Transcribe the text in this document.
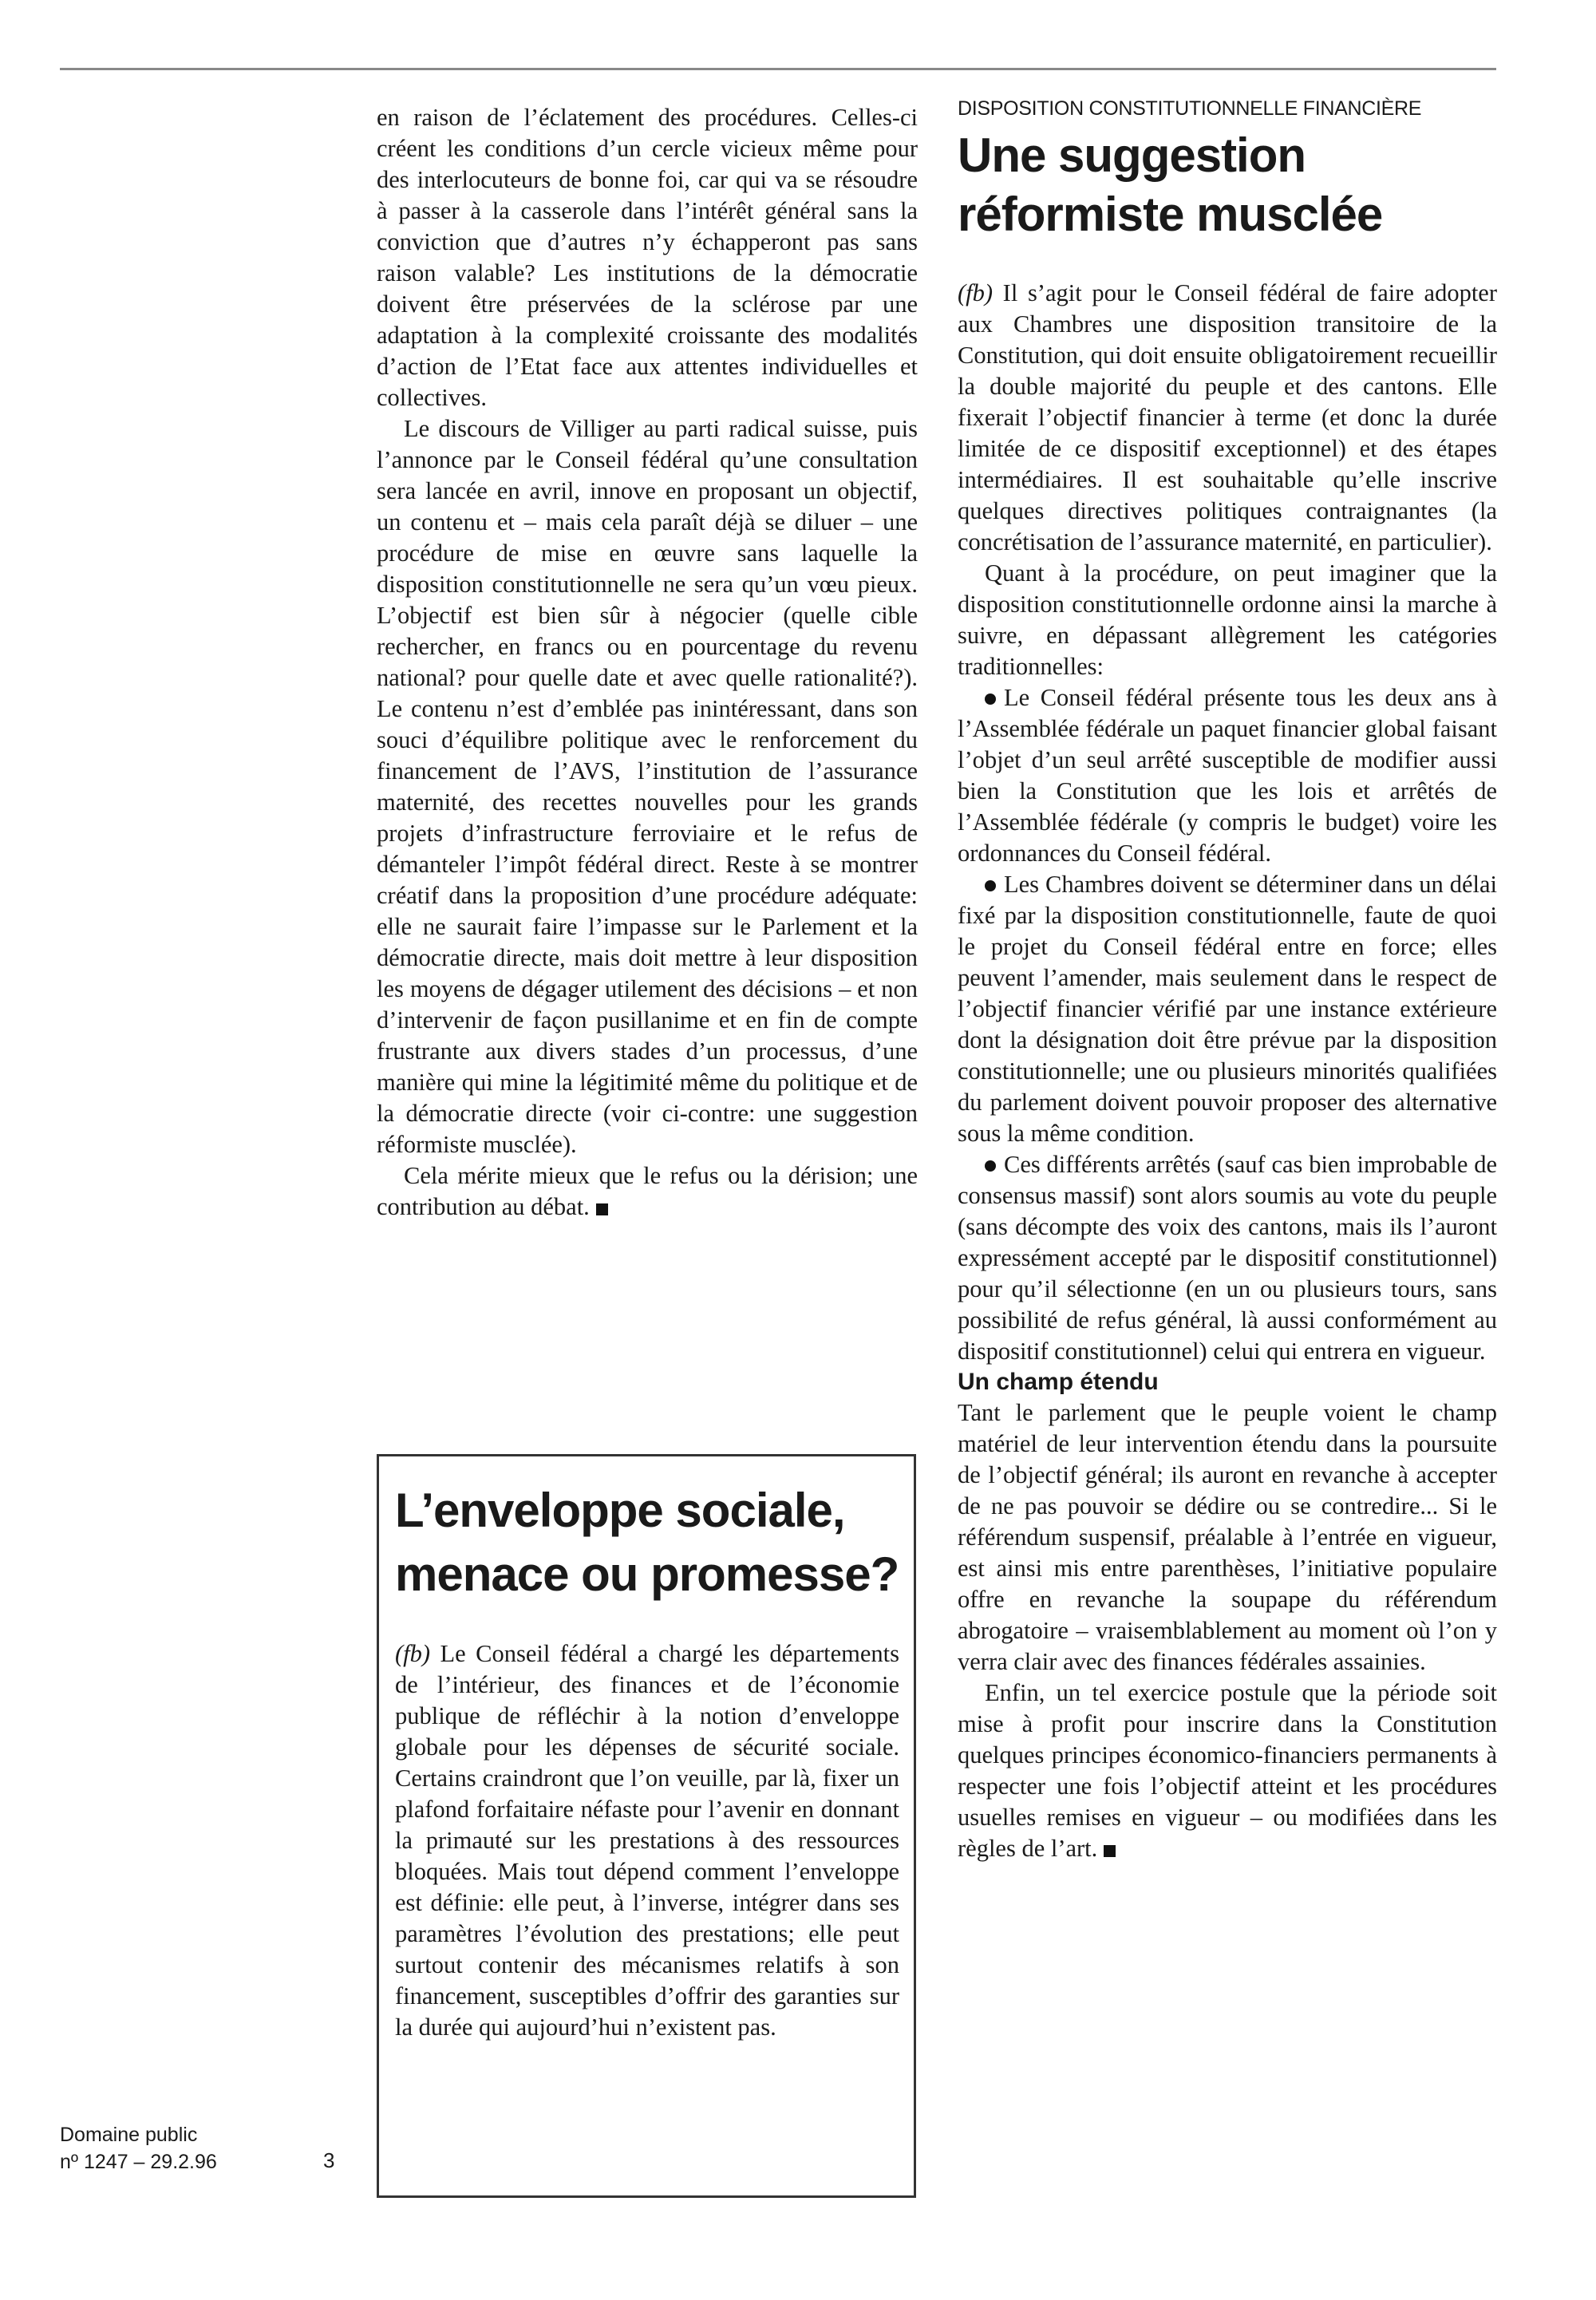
en raison de l’éclatement des procédures. Celles-ci créent les conditions d’un cercle vicieux même pour des interlocuteurs de bonne foi, car qui va se résoudre à passer à la casserole dans l’intérêt général sans la conviction que d’autres n’y échapperont pas sans raison valable? Les institutions de la démocratie doivent être préservées de la sclérose par une adaptation à la complexité croissante des modalités d’action de l’Etat face aux attentes individuelles et collectives.

Le discours de Villiger au parti radical suisse, puis l’annonce par le Conseil fédéral qu’une consultation sera lancée en avril, innove en proposant un objectif, un contenu et – mais cela paraît déjà se diluer – une procédure de mise en œuvre sans laquelle la disposition constitutionnelle ne sera qu’un vœu pieux. L’objectif est bien sûr à négocier (quelle cible rechercher, en francs ou en pourcentage du revenu national? pour quelle date et avec quelle rationalité?). Le contenu n’est d’emblée pas inintéressant, dans son souci d’équilibre politique avec le renforcement du financement de l’AVS, l’institution de l’assurance maternité, des recettes nouvelles pour les grands projets d’infrastructure ferroviaire et le refus de démanteler l’impôt fédéral direct. Reste à se montrer créatif dans la proposition d’une procédure adéquate: elle ne saurait faire l’impasse sur le Parlement et la démocratie directe, mais doit mettre à leur disposition les moyens de dégager utilement des décisions – et non d’intervenir de façon pusillanime et en fin de compte frustrante aux divers stades d’un processus, d’une manière qui mine la légitimité même du politique et de la démocratie directe (voir ci-contre: une suggestion réformiste musclée).

Cela mérite mieux que le refus ou la dérision; une contribution au débat.

L’enveloppe sociale, menace ou promesse?

(fb) Le Conseil fédéral a chargé les départements de l’intérieur, des finances et de l’économie publique de réfléchir à la notion d’enveloppe globale pour les dépenses de sécurité sociale. Certains craindront que l’on veuille, par là, fixer un plafond forfaitaire néfaste pour l’avenir en donnant la primauté sur les prestations à des ressources bloquées. Mais tout dépend comment l’enveloppe est définie: elle peut, à l’inverse, intégrer dans ses paramètres l’évolution des prestations; elle peut surtout contenir des mécanismes relatifs à son financement, susceptibles d’offrir des garanties sur la durée qui aujourd’hui n’existent pas.

DISPOSITION CONSTITUTIONNELLE FINANCIÈRE
Une suggestion réformiste musclée

(fb) Il s’agit pour le Conseil fédéral de faire adopter aux Chambres une disposition transitoire de la Constitution, qui doit ensuite obligatoirement recueillir la double majorité du peuple et des cantons. Elle fixerait l’objectif financier à terme (et donc la durée limitée de ce dispositif exceptionnel) et des étapes intermédiaires. Il est souhaitable qu’elle inscrive quelques directives politiques contraignantes (la concrétisation de l’assurance maternité, en particulier).

Quant à la procédure, on peut imaginer que la disposition constitutionnelle ordonne ainsi la marche à suivre, en dépassant allègrement les catégories traditionnelles:

Le Conseil fédéral présente tous les deux ans à l’Assemblée fédérale un paquet financier global faisant l’objet d’un seul arrêté susceptible de modifier aussi bien la Constitution que les lois et arrêtés de l’Assemblée fédérale (y compris le budget) voire les ordonnances du Conseil fédéral.

Les Chambres doivent se déterminer dans un délai fixé par la disposition constitutionnelle, faute de quoi le projet du Conseil fédéral entre en force; elles peuvent l’amender, mais seulement dans le respect de l’objectif financier vérifié par une instance extérieure dont la désignation doit être prévue par la disposition constitutionnelle; une ou plusieurs minorités qualifiées du parlement doivent pouvoir proposer des alternative sous la même condition.

Ces différents arrêtés (sauf cas bien improbable de consensus massif) sont alors soumis au vote du peuple (sans décompte des voix des cantons, mais ils l’auront expressément accepté par le dispositif constitutionnel) pour qu’il sélectionne (en un ou plusieurs tours, sans possibilité de refus général, là aussi conformément au dispositif constitutionnel) celui qui entrera en vigueur.

Un champ étendu

Tant le parlement que le peuple voient le champ matériel de leur intervention étendu dans la poursuite de l’objectif général; ils auront en revanche à accepter de ne pas pouvoir se dédire ou se contredire... Si le référendum suspensif, préalable à l’entrée en vigueur, est ainsi mis entre parenthèses, l’initiative populaire offre en revanche la soupape du référendum abrogatoire – vraisemblablement au moment où l’on y verra clair avec des finances fédérales assainies.

Enfin, un tel exercice postule que la période soit mise à profit pour inscrire dans la Constitution quelques principes économico-financiers permanents à respecter une fois l’objectif atteint et les procédures usuelles remises en vigueur – ou modifiées dans les règles de l’art.

Domaine public
nº 1247 – 29.2.96	3
